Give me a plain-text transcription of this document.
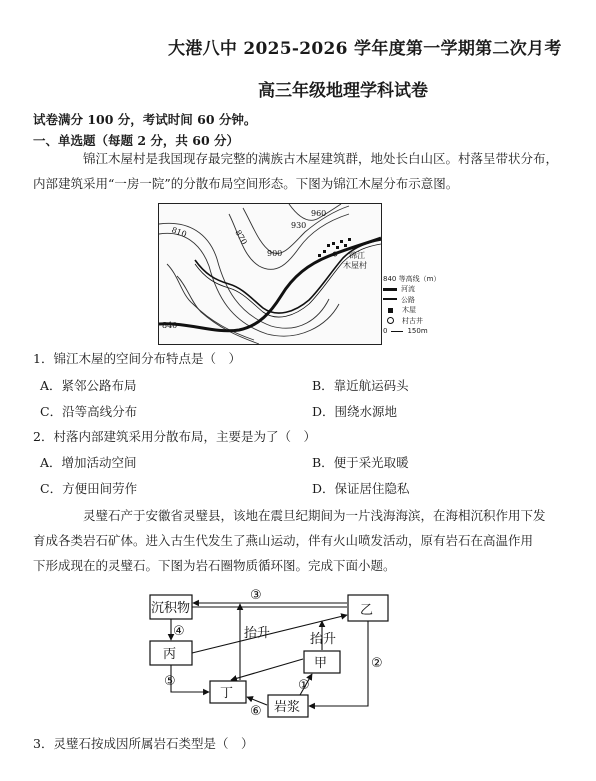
大港八中 2025-2026 学年度第一学期第二次月考
高三年级地理学科试卷
试卷满分 100 分，考试时间 60 分钟。
一、单选题（每题 2 分，共 60 分）
锦江木屋村是我国现存最完整的满族古木屋建筑群，地处长白山区。村落呈带状分布，
内部建筑采用“一房一院”的分散布局空间形态。下图为锦江木屋分布示意图。
960
930
900
870
840
810
锦江
木屋村
840 等高线（m）
河流
公路
木屋
村古井
0	150m
1．锦江木屋的空间分布特点是（　）
A．紧邻公路布局	B．靠近航运码头
C．沿等高线分布	D．围绕水源地
2．村落内部建筑采用分散布局，主要是为了（　）
A．增加活动空间	B．便于采光取暖
C．方便田间劳作	D．保证居住隐私
灵璧石产于安徽省灵璧县，该地在震旦纪期间为一片浅海海滨，在海相沉积作用下发
育成各类岩石矿体。进入古生代发生了燕山运动，伴有火山喷发活动，原有岩石在高温作用
下形成现在的灵璧石。下图为岩石圈物质循环图。完成下面小题。
沉积物
丙
丁
甲
乙
岩浆
抬升	抬升
①
②
③
④
⑤
⑥
3．灵璧石按成因所属岩石类型是（　）
